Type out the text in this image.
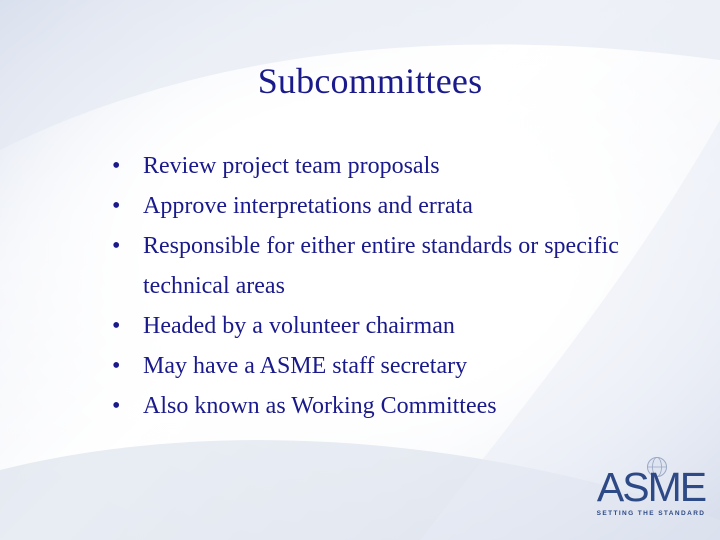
Subcommittees
• Review project team proposals
• Approve interpretations and errata
• Responsible for either entire standards or specific technical areas
• Headed by a volunteer chairman
• May have a ASME staff secretary
• Also known as Working Committees
ASME
SETTING THE STANDARD
